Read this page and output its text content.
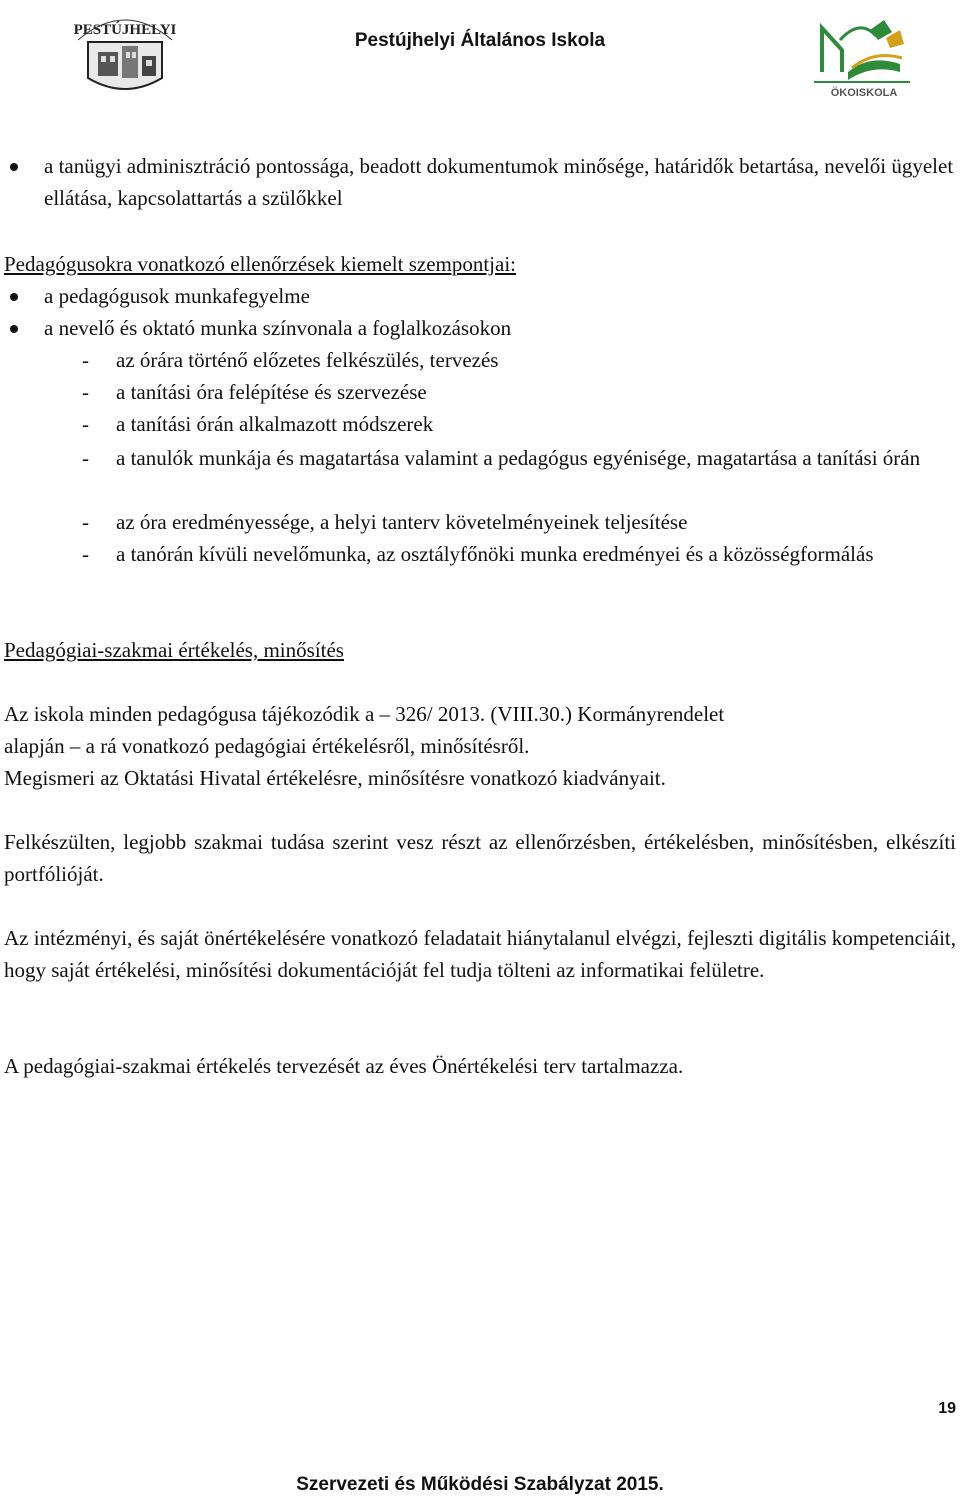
PESTÚJHELYI	Pestújhelyi Általános Iskola
ÖKOISKOLA
a tanügyi adminisztráció pontossága, beadott dokumentumok minősége, határidők betartása, nevelői ügyelet ellátása, kapcsolattartás a szülőkkel
Pedagógusokra vonatkozó ellenőrzések kiemelt szempontjai:
a pedagógusok munkafegyelme
a nevelő és oktató munka színvonala a foglalkozásokon
- az órára történő előzetes felkészülés, tervezés
- a tanítási óra felépítése és szervezése
- a tanítási órán alkalmazott módszerek
- a tanulók munkája és magatartása valamint a pedagógus egyénisége, magatartása a tanítási órán
- az óra eredményessége, a helyi tanterv követelményeinek teljesítése
- a tanórán kívüli nevelőmunka, az osztályfőnöki munka eredményei és a közösségformálás
Pedagógiai-szakmai értékelés, minősítés
Az iskola minden pedagógusa tájékozódik a – 326/ 2013. (VIII.30.) Kormányrendelet
alapján – a rá vonatkozó pedagógiai értékelésről, minősítésről.
Megismeri az Oktatási Hivatal értékelésre, minősítésre vonatkozó kiadványait.
Felkészülten, legjobb szakmai tudása szerint vesz részt az ellenőrzésben, értékelésben, minősítésben, elkészíti portfólióját.
Az intézményi, és saját önértékelésére vonatkozó feladatait hiánytalanul elvégzi, fejleszti digitális kompetenciáit, hogy saját értékelési, minősítési dokumentációját fel tudja tölteni az informatikai felületre.
A pedagógiai-szakmai értékelés tervezését az éves Önértékelési terv tartalmazza.
19
Szervezeti és Működési Szabályzat 2015.
